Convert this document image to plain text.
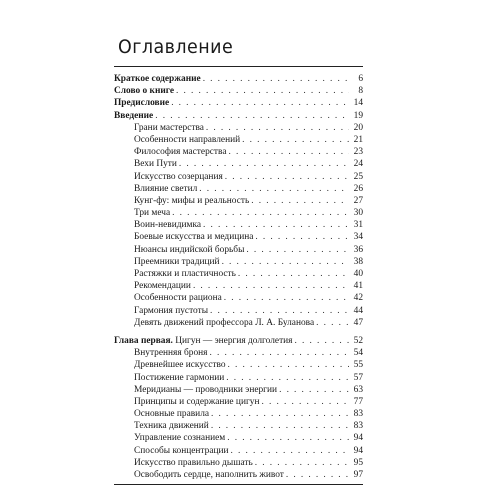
Оглавление
Краткое содержание . . .	6
Слово о книге . . .	8
Предисловие . . .	14
Введение . . .	19
Грани мастерства . . .	20
Особенности направлений . . .	21
Философия мастерства . . .	23
Вехи Пути . . .	24
Искусство созерцания . . .	25
Влияние светил . . .	26
Кунг-фу: мифы и реальность . . .	27
Три меча . . .	30
Воин-невидимка . . .	31
Боевые искусства и медицина . . .	34
Нюансы индийской борьбы . . .	36
Преемники традиций . . .	38
Растяжки и пластичность . . .	40
Рекомендации . . .	41
Особенности рациона . . .	42
Гармония пустоты . . .	44
Девять движений профессора Л. А. Буланова . . .	47
Глава первая. Цигун — энергия долголетия . . .	52
Внутренняя броня . . .	54
Древнейшее искусство . . .	55
Постижение гармонии . . .	57
Меридианы — проводники энергии . . .	63
Принципы и содержание цигун . . .	77
Основные правила . . .	83
Техника движений . . .	83
Управление сознанием . . .	94
Способы концентрации . . .	94
Искусство правильно дышать . . .	95
Освободить сердце, наполнить живот . . .	97
